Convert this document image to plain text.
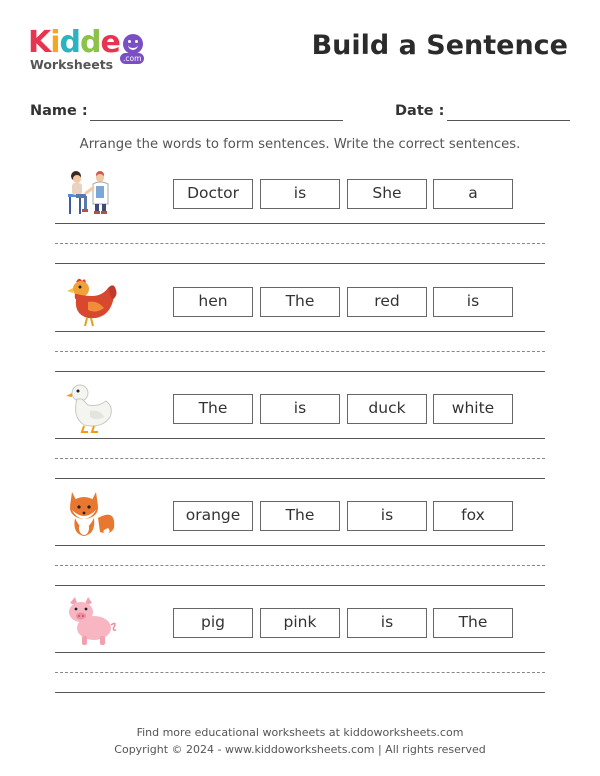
Kidde
Worksheets	.com	Build a Sentence
Name :	Date :
Arrange the words to form sentences. Write the correct sentences.
Doctor	is	She	a
hen	The	red	is
The	is	duck	white
orange	The	is	fox
pig	pink	is	The
Find more educational worksheets at kiddoworksheets.com
Copyright © 2024 - www.kiddoworksheets.com | All rights reserved
